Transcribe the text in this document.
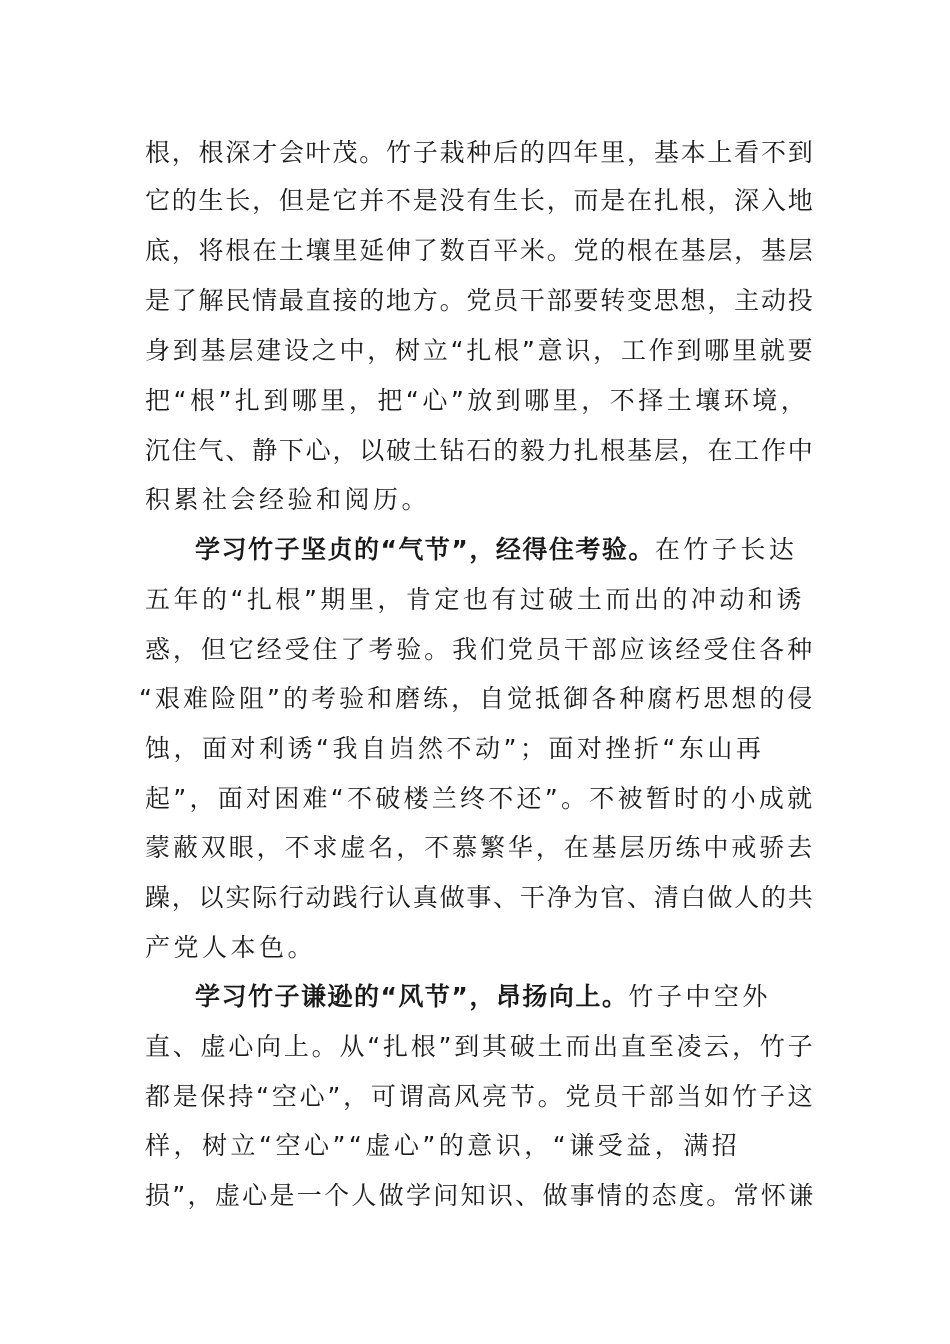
根，根深才会叶茂。竹子栽种后的四年里，基本上看不到
它的生长，但是它并不是没有生长，而是在扎根，深入地
底，将根在土壤里延伸了数百平米。党的根在基层，基层
是了解民情最直接的地方。党员干部要转变思想，主动投
身到基层建设之中，树立“扎根”意识，工作到哪里就要
把“根”扎到哪里，把“心”放到哪里，不择土壤环境，
沉住气、静下心，以破土钻石的毅力扎根基层，在工作中
积累社会经验和阅历。
学习竹子坚贞的“气节”，经得住考验。在竹子长达
五年的“扎根”期里，肯定也有过破土而出的冲动和诱
惑，但它经受住了考验。我们党员干部应该经受住各种
“艰难险阻”的考验和磨练，自觉抵御各种腐朽思想的侵
蚀，面对利诱“我自岿然不动”；面对挫折“东山再
起”，面对困难“不破楼兰终不还”。不被暂时的小成就
蒙蔽双眼，不求虚名，不慕繁华，在基层历练中戒骄去
躁，以实际行动践行认真做事、干净为官、清白做人的共
产党人本色。
学习竹子谦逊的“风节”，昂扬向上。竹子中空外
直、虚心向上。从“扎根”到其破土而出直至凌云，竹子
都是保持“空心”，可谓高风亮节。党员干部当如竹子这
样，树立“空心”“虚心”的意识，“谦受益，满招
损”，虚心是一个人做学问知识、做事情的态度。常怀谦
